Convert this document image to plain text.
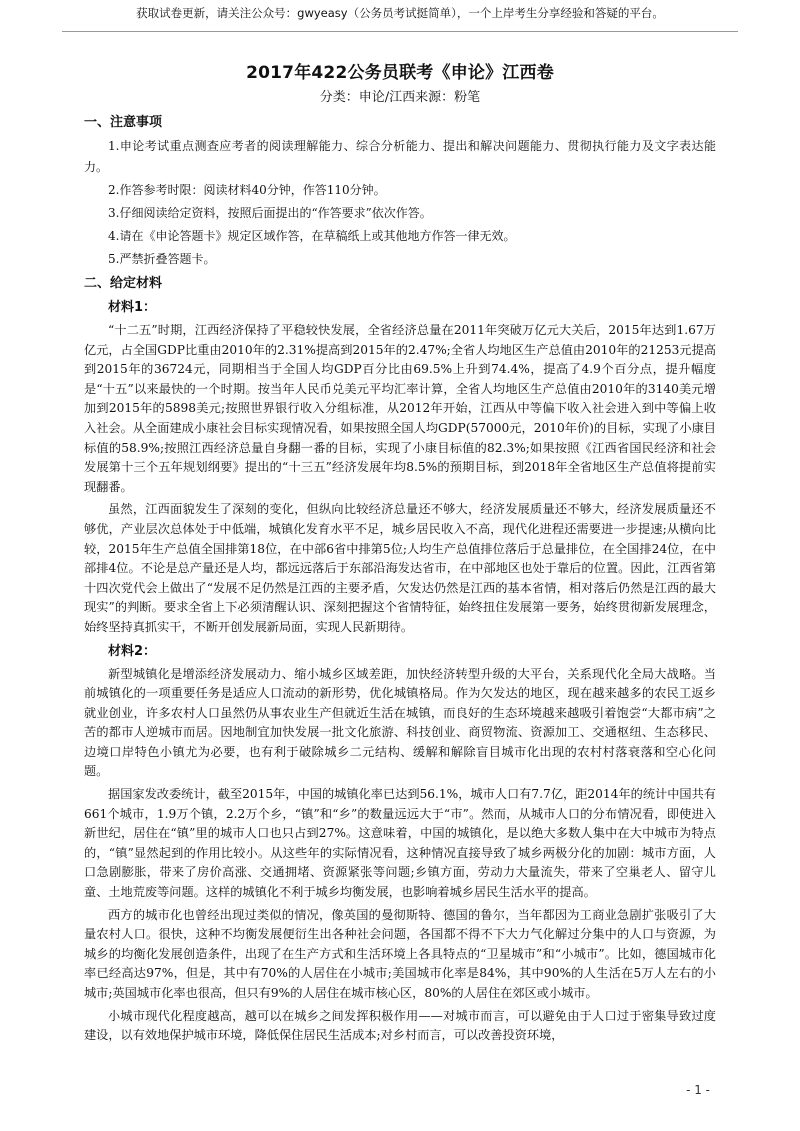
获取试卷更新，请关注公众号：gwyeasy（公务员考试挺简单），一个上岸考生分享经验和答疑的平台。
2017年422公务员联考《申论》江西卷
分类：申论/江西来源：粉笔
一、注意事项

1.申论考试重点测查应考者的阅读理解能力、综合分析能力、提出和解决问题能力、贯彻执行能力及文字表达能力。

2.作答参考时限：阅读材料40分钟，作答110分钟。

3.仔细阅读给定资料，按照后面提出的“作答要求”依次作答。

4.请在《申论答题卡》规定区域作答，在草稿纸上或其他地方作答一律无效。

5.严禁折叠答题卡。

二、给定材料
材料1：

“十二五”时期，江西经济保持了平稳较快发展，全省经济总量在2011年突破万亿元大关后，2015年达到1.67万亿元，占全国GDP比重由2010年的2.31%提高到2015年的2.47%;全省人均地区生产总值由2010年的21253元提高到2015年的36724元，同期相当于全国人均GDP百分比由69.5%上升到74.4%，提高了4.9个百分点，提升幅度是“十五”以来最快的一个时期。按当年人民币兑美元平均汇率计算，全省人均地区生产总值由2010年的3140美元增加到2015年的5898美元;按照世界银行收入分组标准，从2012年开始，江西从中等偏下收入社会进入到中等偏上收入社会。从全面建成小康社会目标实现情况看，如果按照全国人均GDP(57000元，2010年价)的目标，实现了小康目标值的58.9%;按照江西经济总量自身翻一番的目标，实现了小康目标值的82.3%;如果按照《江西省国民经济和社会发展第十三个五年规划纲要》提出的“十三五”经济发展年均8.5%的预期目标，到2018年全省地区生产总值将提前实现翻番。

虽然，江西面貌发生了深刻的变化，但纵向比较经济总量还不够大，经济发展质量还不够大，经济发展质量还不够优，产业层次总体处于中低端，城镇化发育水平不足，城乡居民收入不高，现代化进程还需要进一步提速;从横向比较，2015年生产总值全国排第18位，在中部6省中排第5位;人均生产总值排位落后于总量排位，在全国排24位，在中部排4位。不论是总产量还是人均，都远远落后于东部沿海发达省市，在中部地区也处于靠后的位置。因此，江西省第十四次党代会上做出了“发展不足仍然是江西的主要矛盾，欠发达仍然是江西的基本省情，相对落后仍然是江西的最大现实”的判断。要求全省上下必须清醒认识、深刻把握这个省情特征，始终扭住发展第一要务，始终贯彻新发展理念，始终坚持真抓实干，不断开创发展新局面，实现人民新期待。

材料2：

新型城镇化是增添经济发展动力、缩小城乡区域差距，加快经济转型升级的大平台，关系现代化全局大战略。当前城镇化的一项重要任务是适应人口流动的新形势，优化城镇格局。作为欠发达的地区，现在越来越多的农民工返乡就业创业，许多农村人口虽然仍从事农业生产但就近生活在城镇，而良好的生态环境越来越吸引着饱尝“大都市病”之苦的都市人逆城市而居。因地制宜加快发展一批文化旅游、科技创业、商贸物流、资源加工、交通枢纽、生态移民、边境口岸特色小镇尤为必要，也有利于破除城乡二元结构、缓解和解除盲目城市化出现的农村村落衰落和空心化问题。

据国家发改委统计，截至2015年，中国的城镇化率已达到56.1%，城市人口有7.7亿，距2014年的统计中国共有661个城市，1.9万个镇，2.2万个乡，“镇”和“乡”的数量远远大于“市”。然而，从城市人口的分布情况看，即使进入新世纪，居住在“镇”里的城市人口也只占到27%。这意味着，中国的城镇化，是以绝大多数人集中在大中城市为特点的，“镇”显然起到的作用比较小。从这些年的实际情况看，这种情况直接导致了城乡两极分化的加剧：城市方面，人口急剧膨胀，带来了房价高涨、交通拥堵、资源紧张等问题;乡镇方面，劳动力大量流失，带来了空巢老人、留守儿童、土地荒废等问题。这样的城镇化不利于城乡均衡发展，也影响着城乡居民生活水平的提高。

西方的城市化也曾经出现过类似的情况，像英国的曼彻斯特、德国的鲁尔，当年都因为工商业急剧扩张吸引了大量农村人口。很快，这种不均衡发展便衍生出各种社会问题，各国都不得不下大力气化解过分集中的人口与资源，为城乡的均衡化发展创造条件，出现了在生产方式和生活环境上各具特点的“卫星城市”和“小城市”。比如，德国城市化率已经高达97%，但是，其中有70%的人居住在小城市;美国城市化率是84%，其中90%的人生活在5万人左右的小城市;英国城市化率也很高，但只有9%的人居住在城市核心区，80%的人居住在郊区或小城市。

小城市现代化程度越高，越可以在城乡之间发挥积极作用——对城市而言，可以避免由于人口过于密集导致过度建设，以有效地保护城市环境，降低保住居民生活成本;对乡村而言，可以改善投资环境，

- 1 -
